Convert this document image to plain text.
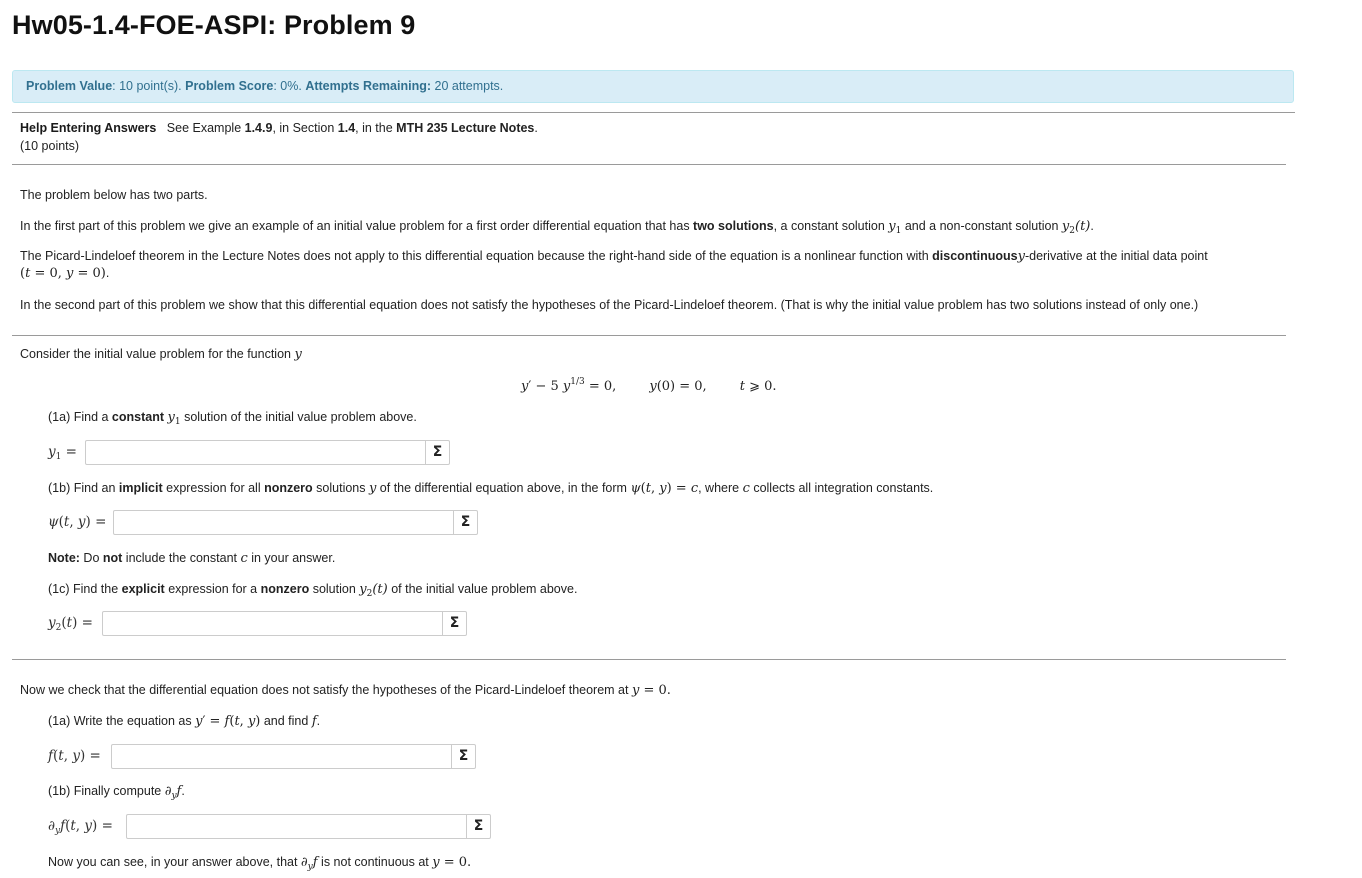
Hw05-1.4-FOE-ASPI: Problem 9
Problem Value: 10 point(s). Problem Score: 0%. Attempts Remaining: 20 attempts.
Help Entering Answers See Example 1.4.9, in Section 1.4, in the MTH 235 Lecture Notes.
(10 points)
The problem below has two parts.
In the first part of this problem we give an example of an initial value problem for a first order differential equation that has two solutions, a constant solution $y_1$ and a non-constant solution $y_2(t)$.
The Picard-Lindeloef theorem in the Lecture Notes does not apply to this differential equation because the right-hand side of the equation is a nonlinear function with discontinuousy-derivative at the initial data point
(t = 0, y = 0).
In the second part of this problem we show that this differential equation does not satisfy the hypotheses of the Picard-Lindeloef theorem. (That is why the initial value problem has two solutions instead of only one.)
Consider the initial value problem for the function y
y′ − 5 $y^{1/3} = 0$,        y(0) = 0,        t ⩾ 0.
(1a) Find a constant $y_1$ solution of the initial value problem above.
$y_1$ =	Σ
(1b) Find an implicit expression for all nonzero solutions y of the differential equation above, in the form ψ(t, y) = c, where c collects all integration constants.
ψ(t, y) =	Σ
Note: Do not include the constant c in your answer.
(1c) Find the explicit expression for a nonzero solution $y_2(t)$ of the initial value problem above.
$y_2(t)$ =	Σ
Now we check that the differential equation does not satisfy the hypotheses of the Picard-Lindeloef theorem at y = 0.
(1a) Write the equation as y′ = f(t, y) and find f.
f(t, y) =	Σ
(1b) Finally compute $\partial_yf$.
$\partial_yf(t$, y) =	Σ
Now you can see, in your answer above, that $\partial_yf$ is not continuous at y = 0.
